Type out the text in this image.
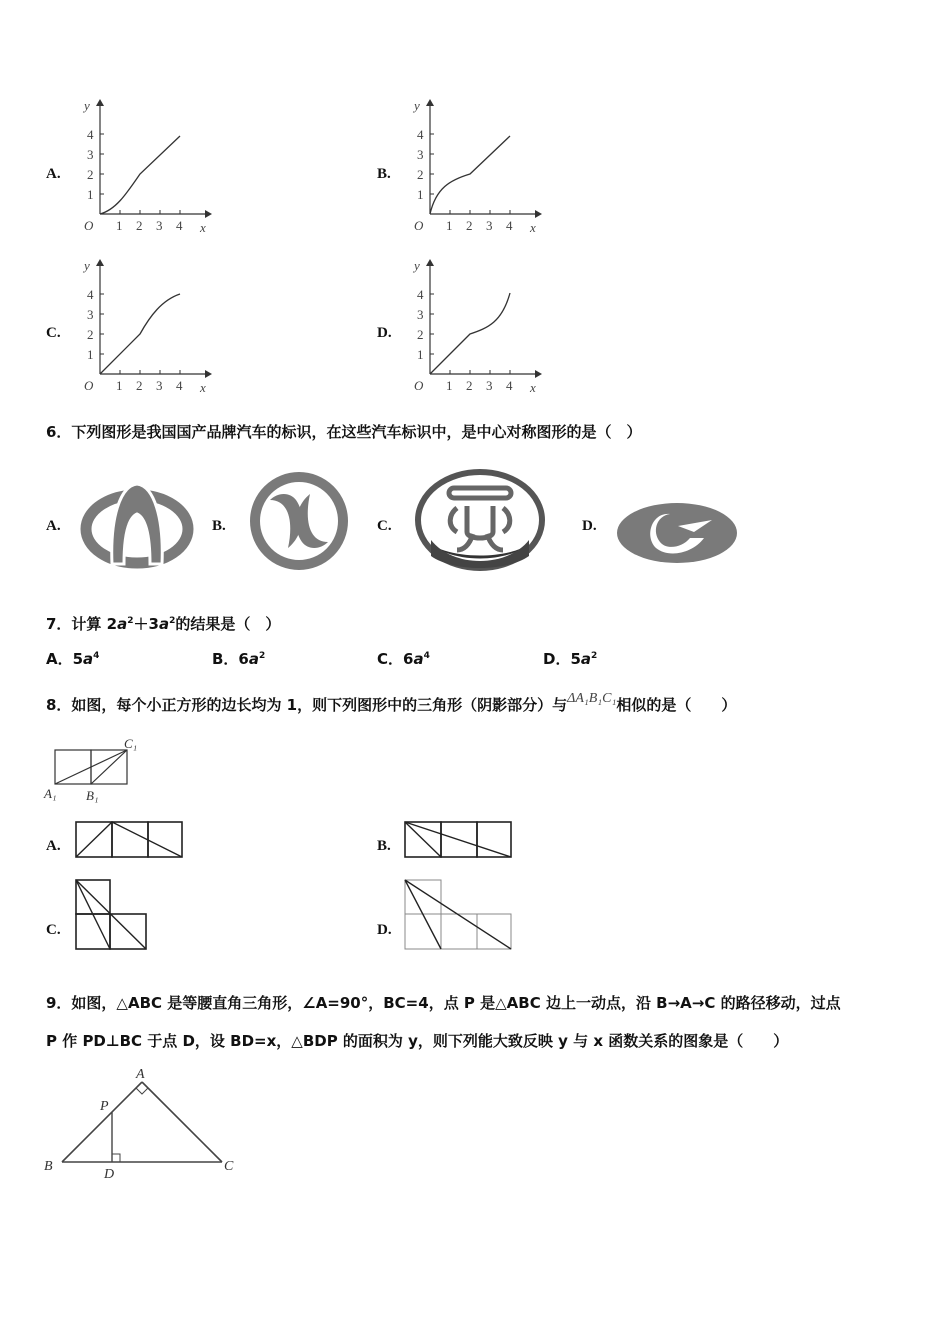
A.	B.
C.	D.
y
x
O 1
1
2
2
3
3
4
4
y
x
O 1
1
2
2
3
3
4
4
y
x
O 1
1
2
2
3
3
4
4
y
x
O 1
1
2
2
3
3
4
4
6．下列图形是我国国产品牌汽车的标识，在这些汽车标识中，是中心对称图形的是（　）
A.	B.	C.	D.
7．计算 $2a^2+3a^2$的结果是（　）
A．$5a^4$	B．$6a^2$	C．$6a^4$	D．$5a^2$
8．如图，每个小正方形的边长均为 1，则下列图形中的三角形（阴影部分）与ΔA₁B₁C₁相似的是（　　）
C₁
A₁ B₁
A.	B.
C.	D.
9．如图，△ABC 是等腰直角三角形，∠A=90°，BC=4，点 P 是△ABC 边上一动点，沿 B→A→C 的路径移动，过点
P 作 PD⊥BC 于点 D，设 BD=x，△BDP 的面积为 y，则下列能大致反映 y 与 x 函数关系的图象是（　　）
A
B	C
D
P
